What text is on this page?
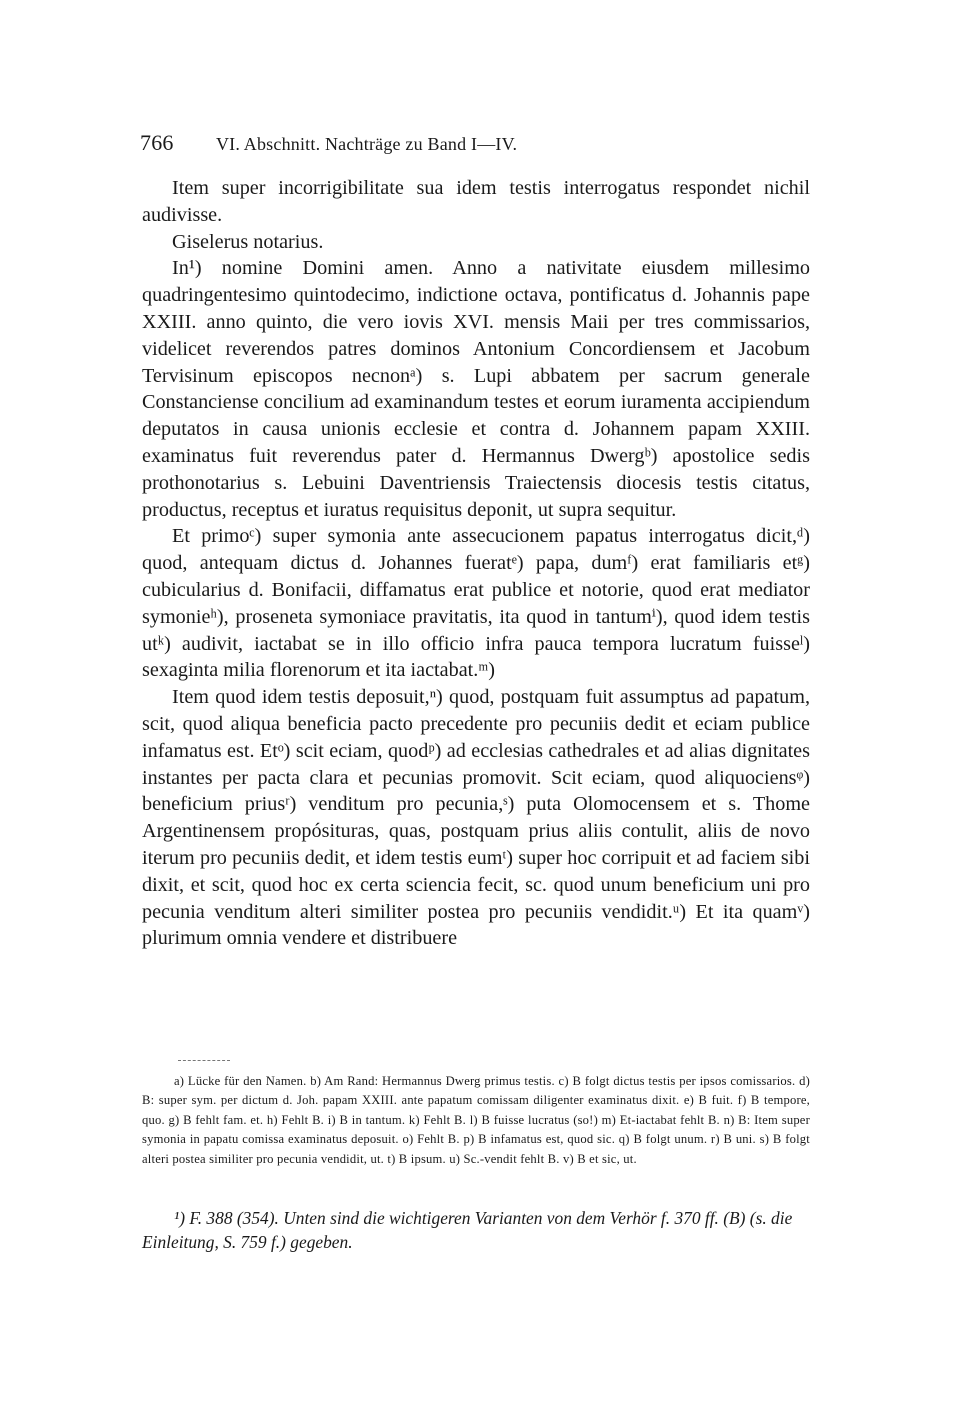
766 VI. Abschnitt. Nachträge zu Band I—IV.

Item super incorrigibilitate sua idem testis interrogatus respondet nichil audivisse.

Giselerus notarius.

In¹) nomine Domini amen. Anno a nativitate eiusdem millesimo quadringentesimo quintodecimo, indictione octava, pontificatus d. Johannis pape XXIII. anno quinto, die vero iovis XVI. mensis Maii per tres commissarios, videlicet reverendos patres dominos Antonium Concordiensem et Jacobum Tervisinum episcopos necnonᵃ) s. Lupi abbatem per sacrum generale Constanciense concilium ad examinandum testes et eorum iuramenta accipiendum deputatos in causa unionis ecclesie et contra d. Johannem papam XXIII. examinatus fuit reverendus pater d. Hermannus Dwergᵇ) apostolice sedis prothonotarius s. Lebuini Daventriensis Traiectensis diocesis testis citatus, productus, receptus et iuratus requisitus deponit, ut supra sequitur.

Et primoᶜ) super symonia ante assecucionem papatus interrogatus dicit,ᵈ) quod, antequam dictus d. Johannes fueratᵉ) papa, dumᶠ) erat familiaris etᵍ) cubicularius d. Bonifacii, diffamatus erat publice et notorie, quod erat mediator symonieʰ), proseneta symoniace pravitatis, ita quod in tantumⁱ), quod idem testis utᵏ) audivit, iactabat se in illo officio infra pauca tempora lucratum fuisseˡ) sexaginta milia florenorum et ita iactabat.ᵐ)

Item quod idem testis deposuit,ⁿ) quod, postquam fuit assumptus ad papatum, scit, quod aliqua beneficia pacto precedente pro pecuniis dedit et eciam publice infamatus est. Etᵒ) scit eciam, quodᵖ) ad ecclesias cathedrales et ad alias dignitates instantes per pacta clara et pecunias promovit. Scit eciam, quod aliquociensᵠ) beneficium priusʳ) venditum pro pecunia,ˢ) puta Olomocensem et s. Thome Argentinensem propósituras, quas, postquam prius aliis contulit, aliis de novo iterum pro pecuniis dedit, et idem testis eumᵗ) super hoc corripuit et ad faciem sibi dixit, et scit, quod hoc ex certa sciencia fecit, sc. quod unum beneficium uni pro pecunia venditum alteri similiter postea pro pecuniis vendidit.ᵘ) Et ita quamᵛ) plurimum omnia vendere et distribuere

a) Lücke für den Namen. b) Am Rand: Hermannus Dwerg primus testis. c) B folgt dictus testis per ipsos comissarios. d) B: super sym. per dictum d. Joh. papam XXIII. ante papatum comissam diligenter examinatus dixit. e) B fuit. f) B tempore, quo. g) B fehlt fam. et. h) Fehlt B. i) B in tantum. k) Fehlt B. l) B fuisse lucratus (so!) m) Et-iactabat fehlt B. n) B: Item super symonia in papatu comissa examinatus deposuit. o) Fehlt B. p) B infamatus est, quod sic. q) B folgt unum. r) B uni. s) B folgt alteri postea similiter pro pecunia vendidit, ut. t) B ipsum. u) Sc.-vendit fehlt B. v) B et sic, ut.

¹) F. 388 (354). Unten sind die wichtigeren Varianten von dem Verhör f. 370 ff. (B) (s. die Einleitung, S. 759 f.) gegeben.
